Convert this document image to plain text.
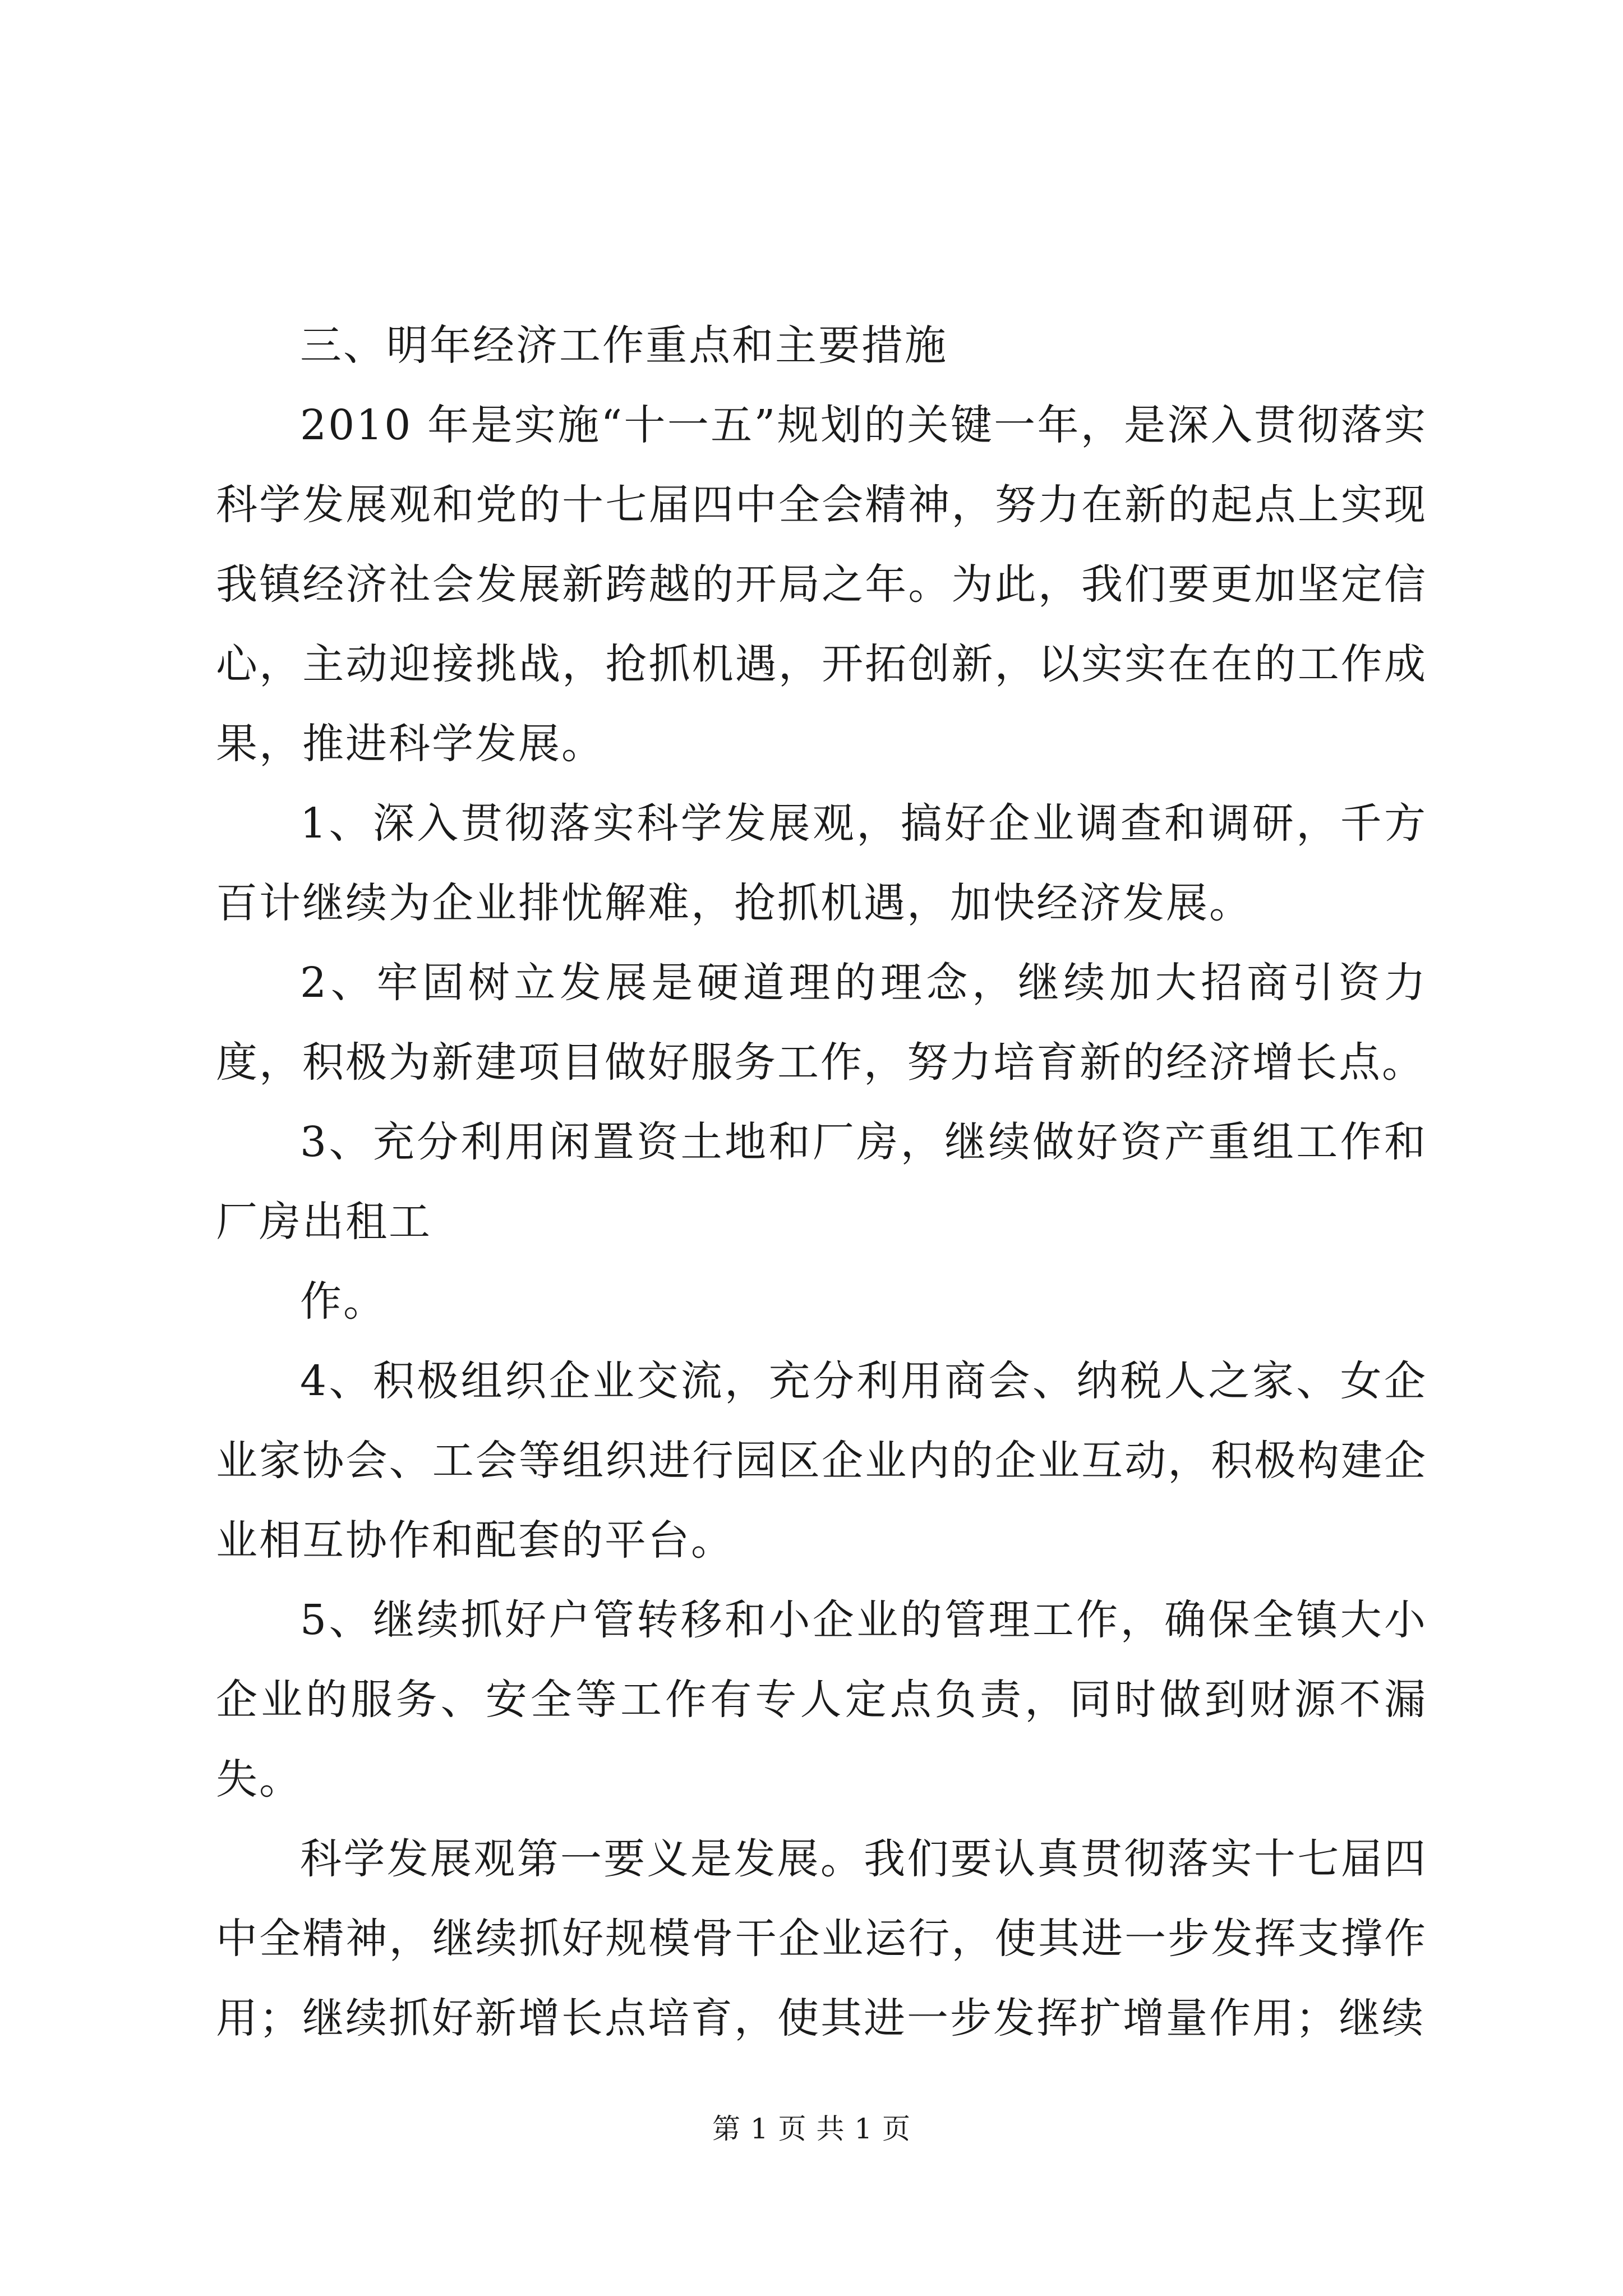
三、明年经济工作重点和主要措施

2010 年是实施“十一五”规划的关键一年，是深入贯彻落实科学发展观和党的十七届四中全会精神，努力在新的起点上实现我镇经济社会发展新跨越的开局之年。为此，我们要更加坚定信心，主动迎接挑战，抢抓机遇，开拓创新，以实实在在的工作成果，推进科学发展。

1、深入贯彻落实科学发展观，搞好企业调查和调研，千方百计继续为企业排忧解难，抢抓机遇，加快经济发展。

2、牢固树立发展是硬道理的理念，继续加大招商引资力度，积极为新建项目做好服务工作，努力培育新的经济增长点。

3、充分利用闲置资土地和厂房，继续做好资产重组工作和厂房出租工

作。

4、积极组织企业交流，充分利用商会、纳税人之家、女企业家协会、工会等组织进行园区企业内的企业互动，积极构建企业相互协作和配套的平台。

5、继续抓好户管转移和小企业的管理工作，确保全镇大小企业的服务、安全等工作有专人定点负责，同时做到财源不漏失。

科学发展观第一要义是发展。我们要认真贯彻落实十七届四中全精神，继续抓好规模骨干企业运行，使其进一步发挥支撑作用；继续抓好新增长点培育，使其进一步发挥扩增量作用；继续

第 1 页 共 1 页
